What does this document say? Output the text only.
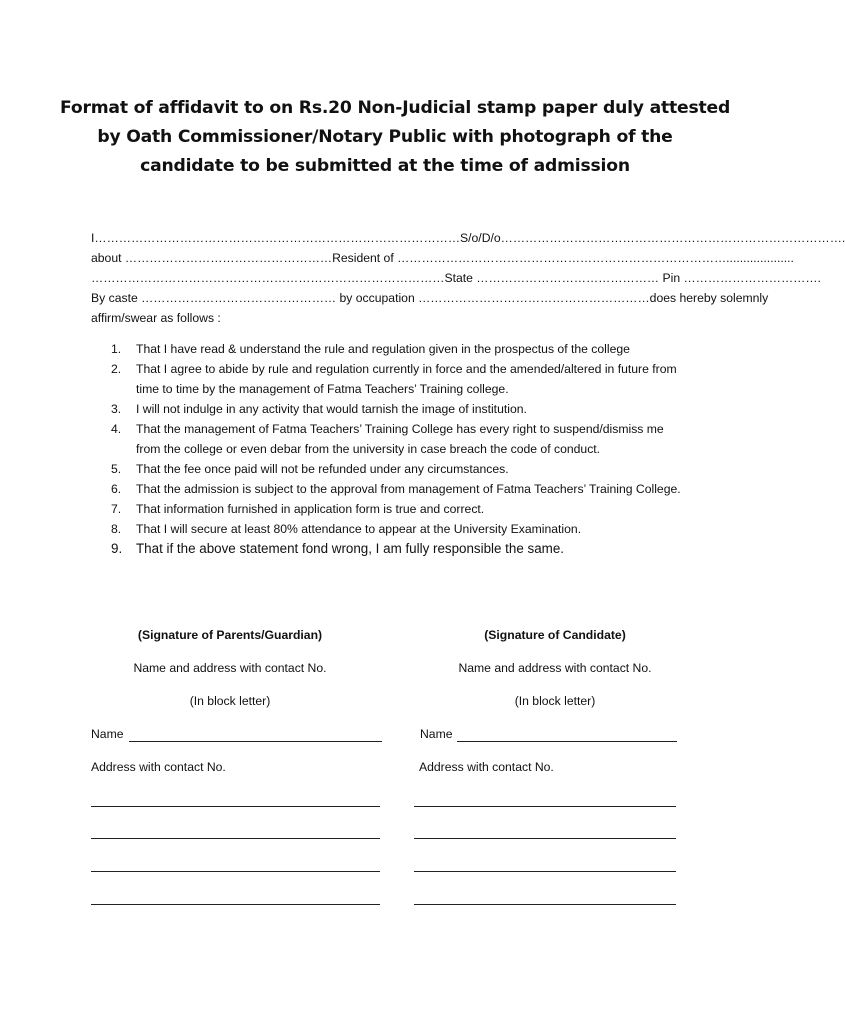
Format of affidavit to on Rs.20 Non-Judicial stamp paper duly attested
by Oath Commissioner/Notary Public with photograph of the
candidate to be submitted at the time of admission
I………………………………………………………………………………S/o/D/o………………………………………………………………………….
about ……………………………………………Resident of ………………………………………………………………………....................
……………………………………………………………………………State ……………………………………… Pin …………………………….
By caste ………………………………………… by occupation …………………………………………………does hereby solemnly
affirm/swear as follows :
1. That I have read & understand the rule and regulation given in the prospectus of the college
2. That I agree to abide by rule and regulation currently in force and the amended/altered in future from time to time by the management of Fatma Teachers’ Training college.
3. I will not indulge in any activity that would tarnish the image of institution.
4. That the management of Fatma Teachers’ Training College has every right to suspend/dismiss me from the college or even debar from the university in case breach the code of conduct.
5. That the fee once paid will not be refunded under any circumstances.
6. That the admission is subject to the approval from management of Fatma Teachers’ Training College.
7. That information furnished in application form is true and correct.
8. That I will secure at least 80% attendance to appear at the University Examination.
9. That if the above statement fond wrong, I am fully responsible the same.
(Signature of Parents/Guardian)
Name and address with contact No.
(In block letter)
(Signature of Candidate)
Name and address with contact No.
(In block letter)
Name	Name
Address with contact No.	Address with contact No.
